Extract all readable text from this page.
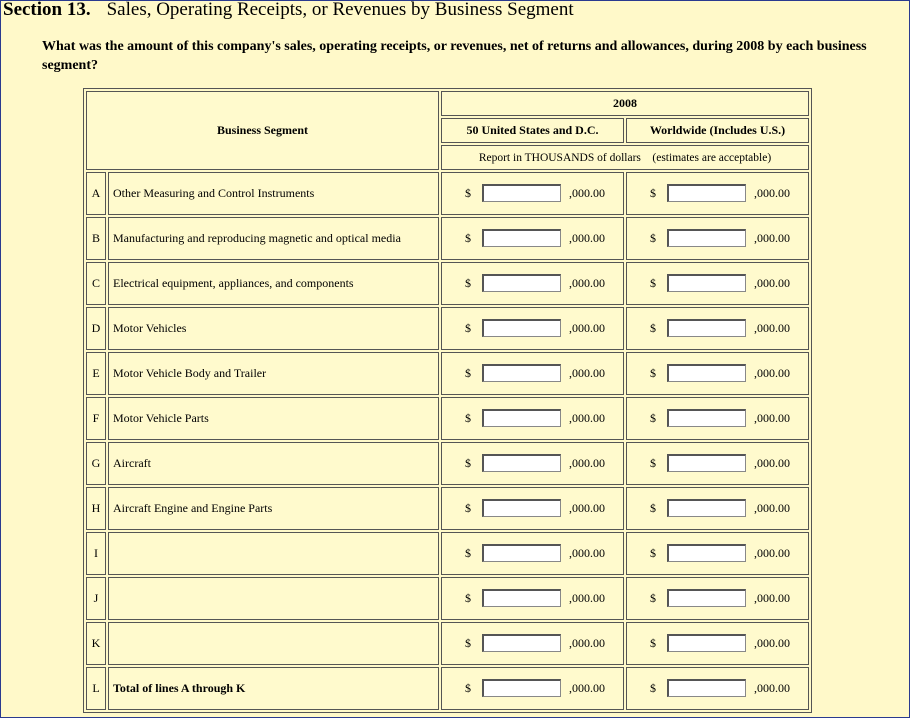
Section 13. Sales, Operating Receipts, or Revenues by Business Segment
What was the amount of this company's sales, operating receipts, or revenues, net of returns and allowances, during 2008 by each business segment?
Business Segment		2008	
		50 United States and D.C.	Worldwide (Includes U.S.)
		Report in THOUSANDS of dollars    (estimates are acceptable)	
A	Other Measuring and Control Instruments	$ ,000.00	$ ,000.00

B	Manufacturing and reproducing magnetic and optical media	$ ,000.00	$ ,000.00

C	Electrical equipment, appliances, and components	$ ,000.00	$ ,000.00

D	Motor Vehicles	$ ,000.00	$ ,000.00

E	Motor Vehicle Body and Trailer	$ ,000.00	$ ,000.00

F	Motor Vehicle Parts	$ ,000.00	$ ,000.00

G	Aircraft	$ ,000.00	$ ,000.00

H	Aircraft Engine and Engine Parts	$ ,000.00	$ ,000.00

I		$ ,000.00	$ ,000.00

J		$ ,000.00	$ ,000.00

K		$ ,000.00	$ ,000.00

L	Total of lines A through K	$ ,000.00	$ ,000.00
